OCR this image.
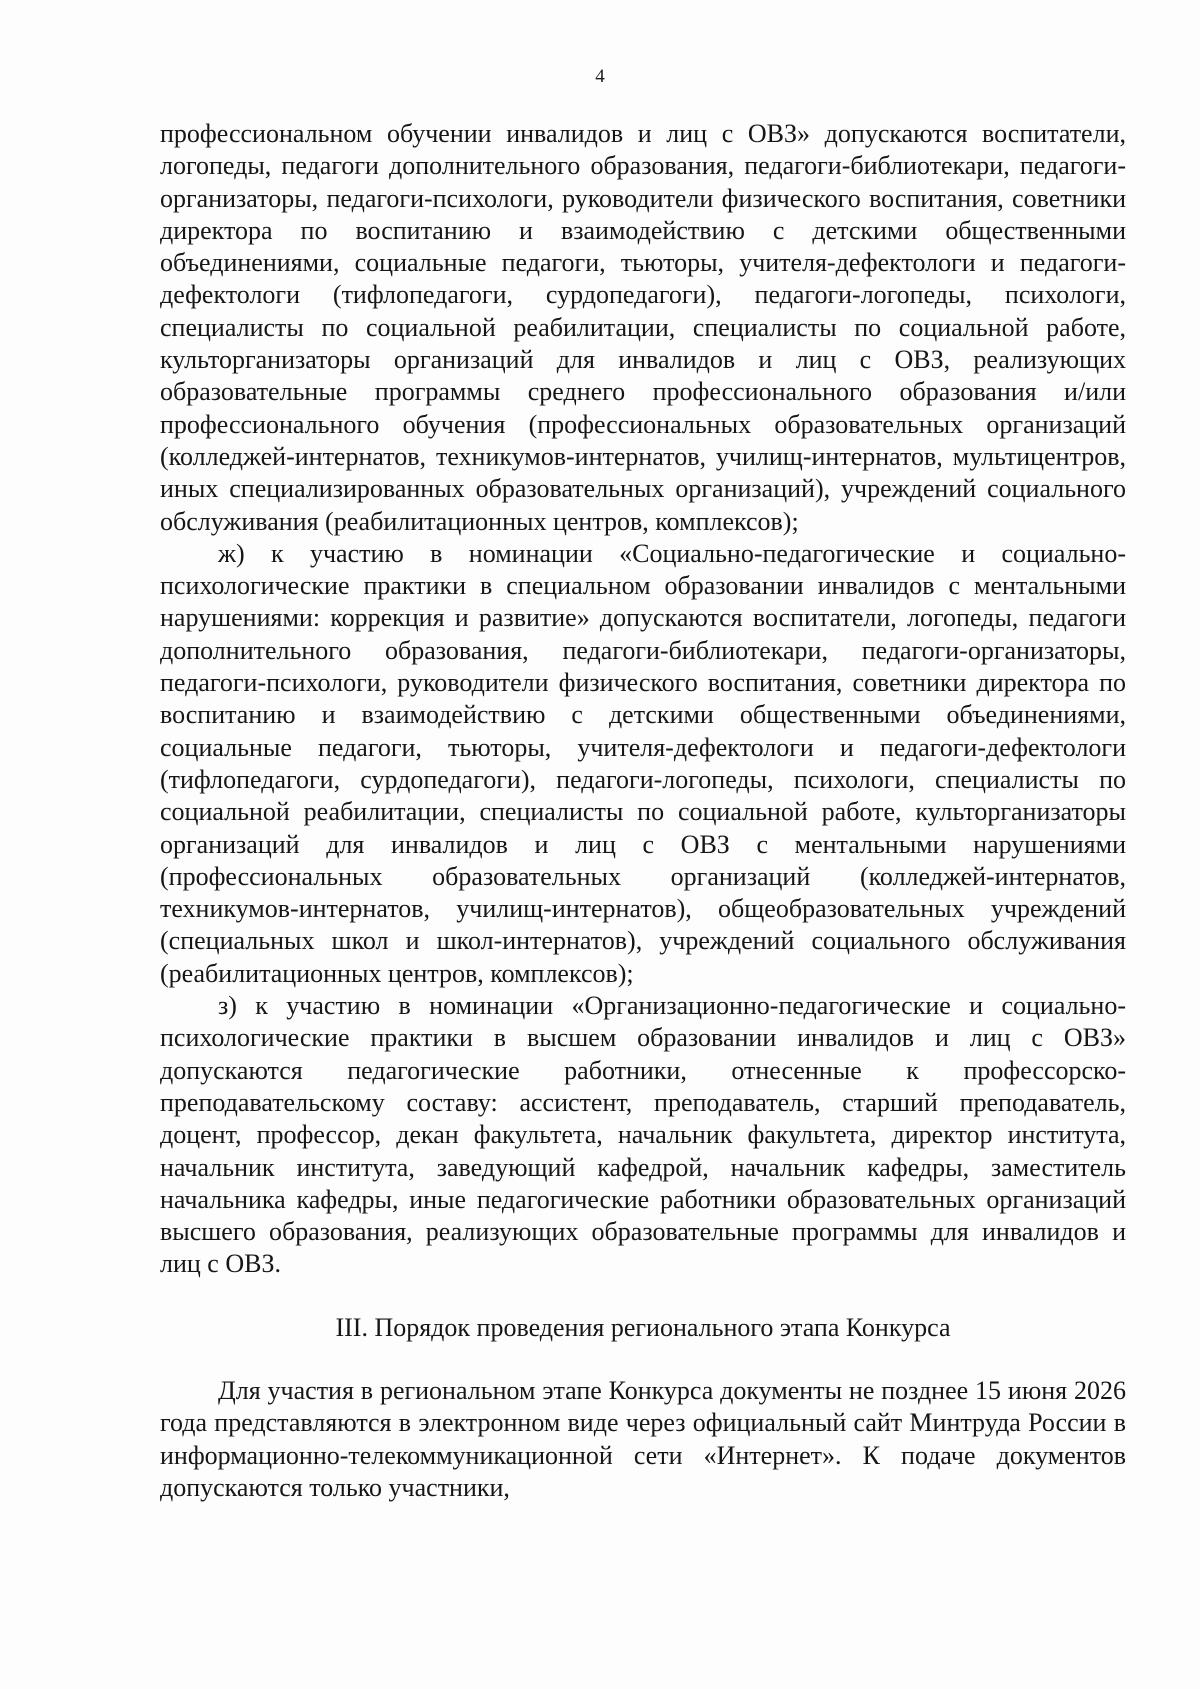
4

профессиональном обучении инвалидов и лиц с ОВЗ» допускаются воспитатели, логопеды, педагоги дополнительного образования, педагоги-библиотекари, педагоги-организаторы, педагоги-психологи, руководители физического воспитания, советники директора по воспитанию и взаимодействию с детскими общественными объединениями, социальные педагоги, тьюторы, учителя-дефектологи и педагоги-дефектологи (тифлопедагоги, сурдопедагоги), педагоги-логопеды, психологи, специалисты по социальной реабилитации, специалисты по социальной работе, культорганизаторы организаций для инвалидов и лиц с ОВЗ, реализующих образовательные программы среднего профессионального образования и/или профессионального обучения (профессиональных образовательных организаций (колледжей-интернатов, техникумов-интернатов, училищ-интернатов, мультицентров, иных специализированных образовательных организаций), учреждений социального обслуживания (реабилитационных центров, комплексов);

ж) к участию в номинации «Социально-педагогические и социально-психологические практики в специальном образовании инвалидов с ментальными нарушениями: коррекция и развитие» допускаются воспитатели, логопеды, педагоги дополнительного образования, педагоги-библиотекари, педагоги-организаторы, педагоги-психологи, руководители физического воспитания, советники директора по воспитанию и взаимодействию с детскими общественными объединениями, социальные педагоги, тьюторы, учителя-дефектологи и педагоги-дефектологи (тифлопедагоги, сурдопедагоги), педагоги-логопеды, психологи, специалисты по социальной реабилитации, специалисты по социальной работе, культорганизаторы организаций для инвалидов и лиц с ОВЗ с ментальными нарушениями (профессиональных образовательных организаций (колледжей-интернатов, техникумов-интернатов, училищ-интернатов), общеобразовательных учреждений (специальных школ и школ-интернатов), учреждений социального обслуживания (реабилитационных центров, комплексов);

з) к участию в номинации «Организационно-педагогические и социально-психологические практики в высшем образовании инвалидов и лиц с ОВЗ» допускаются педагогические работники, отнесенные к профессорско-преподавательскому составу: ассистент, преподаватель, старший преподаватель, доцент, профессор, декан факультета, начальник факультета, директор института, начальник института, заведующий кафедрой, начальник кафедры, заместитель начальника кафедры, иные педагогические работники образовательных организаций высшего образования, реализующих образовательные программы для инвалидов и лиц с ОВЗ.

III. Порядок проведения регионального этапа Конкурса

Для участия в региональном этапе Конкурса документы не позднее 15 июня 2026 года представляются в электронном виде через официальный сайт Минтруда России в информационно-телекоммуникационной сети «Интернет». К подаче документов допускаются только участники,
